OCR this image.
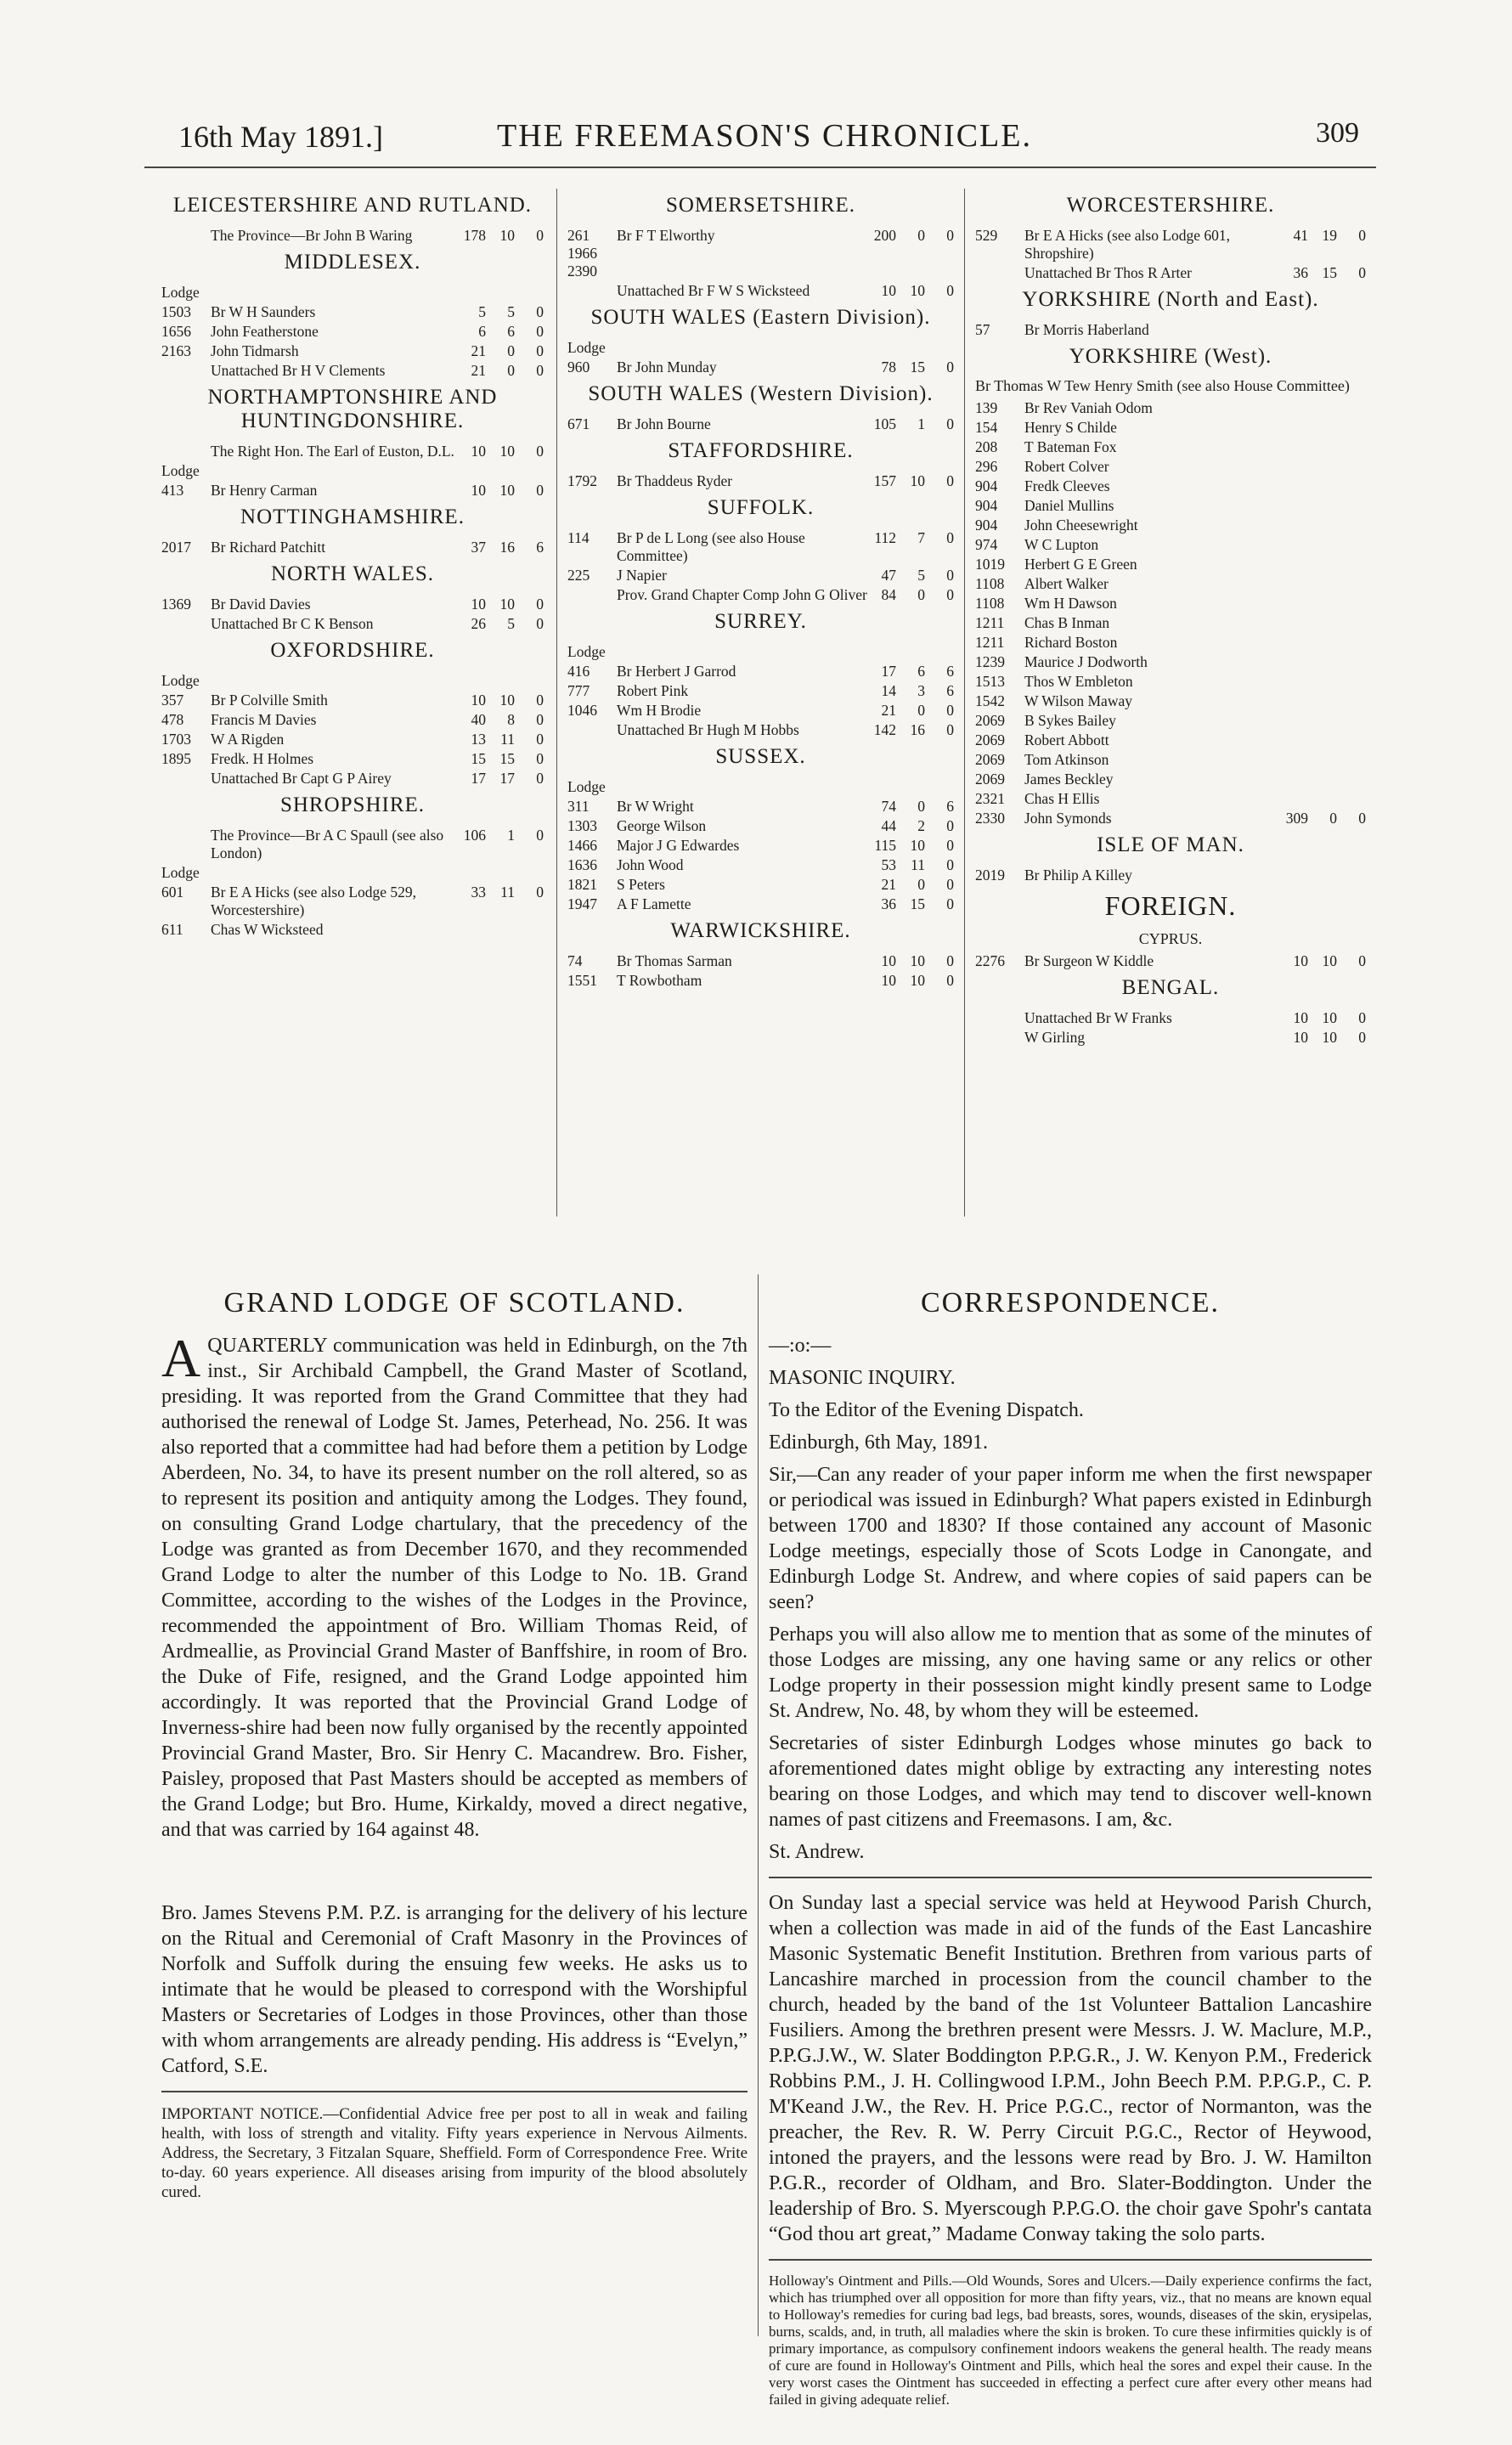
16th May 1891.]	THE FREEMASON'S CHRONICLE.	309
LEICESTERSHIRE AND RUTLAND.
	The Province—Br John B Waring	178	10	0
MIDDLESEX.
Lodge				
1503	Br W H Saunders	5	5	0
1656	John Featherstone	6	6	0
2163	John Tidmarsh	21	0	0
	Unattached Br H V Clements	21	0	0
NORTHAMPTONSHIRE AND HUNTINGDONSHIRE.
	The Right Hon. The Earl of Euston, D.L.	10	10	0
Lodge				
413	Br Henry Carman	10	10	0
NOTTINGHAMSHIRE.
2017	Br Richard Patchitt	37	16	6
NORTH WALES.
1369	Br David Davies	10	10	0
	Unattached Br C K Benson	26	5	0
OXFORDSHIRE.
Lodge				
357	Br P Colville Smith	10	10	0
478	Francis M Davies	40	8	0
1703	W A Rigden	13	11	0
1895	Fredk. H Holmes	15	15	0
	Unattached Br Capt G P Airey	17	17	0
SHROPSHIRE.
	The Province—Br A C Spaull (see also London)	106	1	0
Lodge				
601	Br E A Hicks (see also Lodge 529, Worcestershire)	33	11	0
611	Chas W Wicksteed			
SOMERSETSHIRE.
261 1966 2390	Br F T Elworthy	200	0	0
	Unattached Br F W S Wicksteed	10	10	0
SOUTH WALES (Eastern Division).
Lodge				
960	Br John Munday	78	15	0
SOUTH WALES (Western Division).
671	Br John Bourne	105	1	0
STAFFORDSHIRE.
1792	Br Thaddeus Ryder	157	10	0
SUFFOLK.
114	Br P de L Long (see also House Committee)	112	7	0
225	J Napier	47	5	0
	Prov. Grand Chapter Comp John G Oliver	84	0	0
SURREY.
Lodge				
416	Br Herbert J Garrod	17	6	6
777	Robert Pink	14	3	6
1046	Wm H Brodie	21	0	0
	Unattached Br Hugh M Hobbs	142	16	0
SUSSEX.
Lodge				
311	Br W Wright	74	0	6
1303	George Wilson	44	2	0
1466	Major J G Edwardes	115	10	0
1636	John Wood	53	11	0
1821	S Peters	21	0	0
1947	A F Lamette	36	15	0
WARWICKSHIRE.
74	Br Thomas Sarman	10	10	0
1551	T Rowbotham	10	10	0
WORCESTERSHIRE.
529	Br E A Hicks (see also Lodge 601, Shropshire)	41	19	0
	Unattached Br Thos R Arter	36	15	0
YORKSHIRE (North and East).
57	Br Morris Haberland			
YORKSHIRE (West).
Br Thomas W Tew Henry Smith (see also House Committee)
139	Br Rev Vaniah Odom			
154	Henry S Childe			
208	T Bateman Fox			
296	Robert Colver			
904	Fredk Cleeves			
904	Daniel Mullins			
904	John Cheesewright			
974	W C Lupton			
1019	Herbert G E Green			
1108	Albert Walker			
1108	Wm H Dawson			
1211	Chas B Inman			
1211	Richard Boston			
1239	Maurice J Dodworth			
1513	Thos W Embleton			
1542	W Wilson Maway			
2069	B Sykes Bailey			
2069	Robert Abbott			
2069	Tom Atkinson			
2069	James Beckley			
2321	Chas H Ellis			
2330	John Symonds	309	0	0
ISLE OF MAN.
2019	Br Philip A Killey			
FOREIGN.
CYPRUS.
2276	Br Surgeon W Kiddle	10	10	0
BENGAL.
	Unattached Br W Franks	10	10	0
	W Girling	10	10	0
GRAND LODGE OF SCOTLAND.

AQUARTERLY communication was held in Edinburgh, on the 7th inst., Sir Archibald Campbell, the Grand Master of Scotland, presiding. It was reported from the Grand Committee that they had authorised the renewal of Lodge St. James, Peterhead, No. 256. It was also reported that a committee had had before them a petition by Lodge Aberdeen, No. 34, to have its present number on the roll altered, so as to represent its position and antiquity among the Lodges. They found, on consulting Grand Lodge chartulary, that the precedency of the Lodge was granted as from December 1670, and they recommended Grand Lodge to alter the number of this Lodge to No. 1B. Grand Committee, according to the wishes of the Lodges in the Province, recommended the appointment of Bro. William Thomas Reid, of Ardmeallie, as Provincial Grand Master of Banffshire, in room of Bro. the Duke of Fife, resigned, and the Grand Lodge appointed him accordingly. It was reported that the Provincial Grand Lodge of Inverness-shire had been now fully organised by the recently appointed Provincial Grand Master, Bro. Sir Henry C. Macandrew. Bro. Fisher, Paisley, proposed that Past Masters should be accepted as members of the Grand Lodge; but Bro. Hume, Kirkaldy, moved a direct negative, and that was carried by 164 against 48.

Bro. James Stevens P.M. P.Z. is arranging for the delivery of his lecture on the Ritual and Ceremonial of Craft Masonry in the Provinces of Norfolk and Suffolk during the ensuing few weeks. He asks us to intimate that he would be pleased to correspond with the Worshipful Masters or Secretaries of Lodges in those Provinces, other than those with whom arrangements are already pending. His address is “Evelyn,” Catford, S.E.

IMPORTANT NOTICE.—Confidential Advice free per post to all in weak and failing health, with loss of strength and vitality. Fifty years experience in Nervous Ailments. Address, the Secretary, 3 Fitzalan Square, Sheffield. Form of Correspondence Free. Write to-day. 60 years experience. All diseases arising from impurity of the blood absolutely cured.

CORRESPONDENCE.

—:o:—

MASONIC INQUIRY.

To the Editor of the Evening Dispatch.

Edinburgh, 6th May, 1891.

Sir,—Can any reader of your paper inform me when the first newspaper or periodical was issued in Edinburgh? What papers existed in Edinburgh between 1700 and 1830? If those contained any account of Masonic Lodge meetings, especially those of Scots Lodge in Canongate, and Edinburgh Lodge St. Andrew, and where copies of said papers can be seen?

Perhaps you will also allow me to mention that as some of the minutes of those Lodges are missing, any one having same or any relics or other Lodge property in their possession might kindly present same to Lodge St. Andrew, No. 48, by whom they will be esteemed.

Secretaries of sister Edinburgh Lodges whose minutes go back to aforementioned dates might oblige by extracting any interesting notes bearing on those Lodges, and which may tend to discover well-known names of past citizens and Freemasons. I am, &c.

St. Andrew.

On Sunday last a special service was held at Heywood Parish Church, when a collection was made in aid of the funds of the East Lancashire Masonic Systematic Benefit Institution. Brethren from various parts of Lancashire marched in procession from the council chamber to the church, headed by the band of the 1st Volunteer Battalion Lancashire Fusiliers. Among the brethren present were Messrs. J. W. Maclure, M.P., P.P.G.J.W., W. Slater Boddington P.P.G.R., J. W. Kenyon P.M., Frederick Robbins P.M., J. H. Collingwood I.P.M., John Beech P.M. P.P.G.P., C. P. M'Keand J.W., the Rev. H. Price P.G.C., rector of Normanton, was the preacher, the Rev. R. W. Perry Circuit P.G.C., Rector of Heywood, intoned the prayers, and the lessons were read by Bro. J. W. Hamilton P.G.R., recorder of Oldham, and Bro. Slater-Boddington. Under the leadership of Bro. S. Myerscough P.P.G.O. the choir gave Spohr's cantata “God thou art great,” Madame Conway taking the solo parts.

Holloway's Ointment and Pills.—Old Wounds, Sores and Ulcers.—Daily experience confirms the fact, which has triumphed over all opposition for more than fifty years, viz., that no means are known equal to Holloway's remedies for curing bad legs, bad breasts, sores, wounds, diseases of the skin, erysipelas, burns, scalds, and, in truth, all maladies where the skin is broken. To cure these infirmities quickly is of primary importance, as compulsory confinement indoors weakens the general health. The ready means of cure are found in Holloway's Ointment and Pills, which heal the sores and expel their cause. In the very worst cases the Ointment has succeeded in effecting a perfect cure after every other means had failed in giving adequate relief.
